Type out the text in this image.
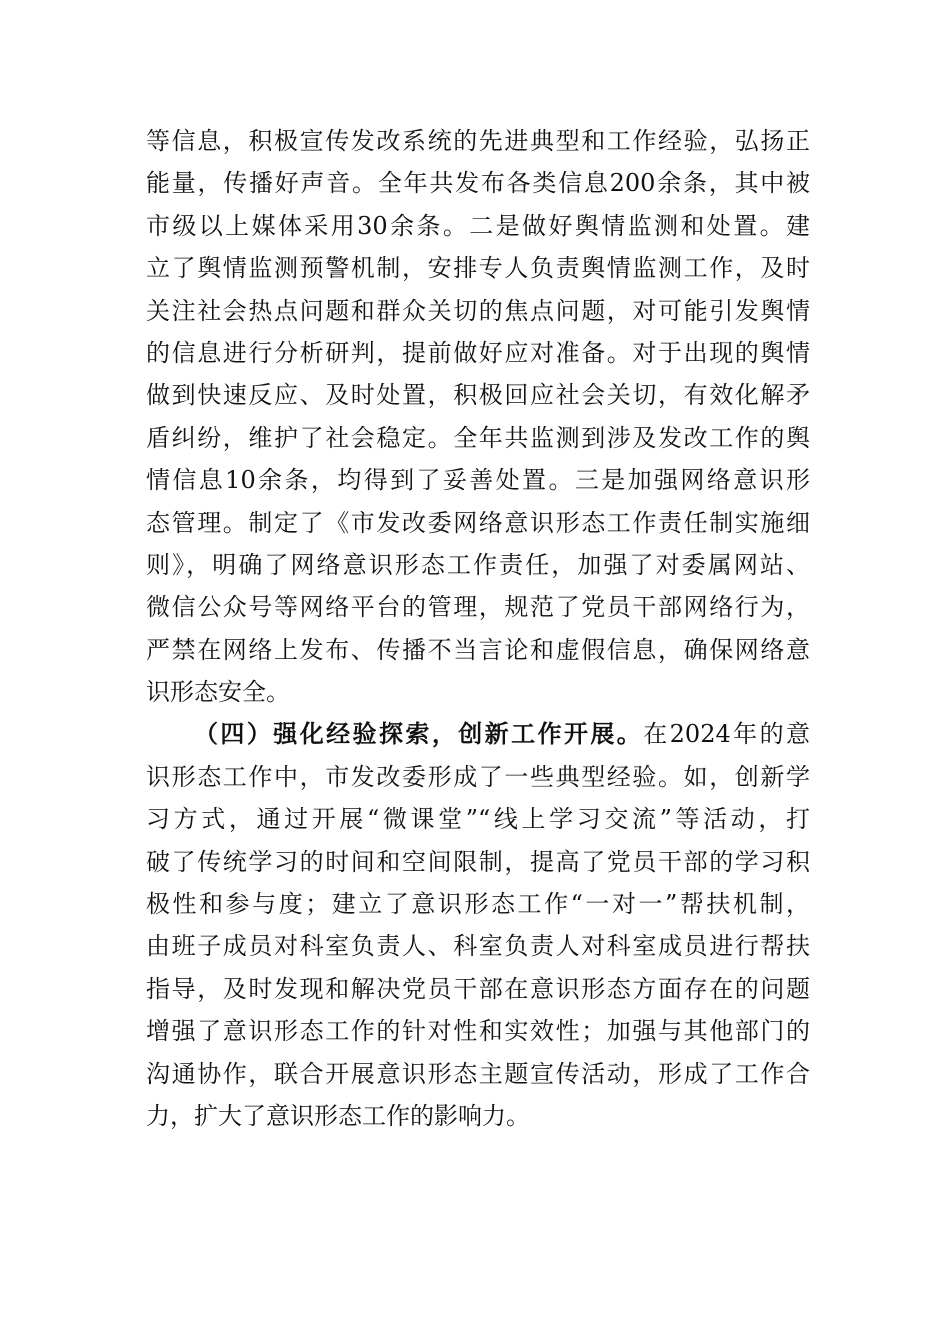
等信息，积极宣传发改系统的先进典型和工作经验，弘扬正
能量，传播好声音。全年共发布各类信息200余条，其中被
市级以上媒体采用30余条。二是做好舆情监测和处置。建
立了舆情监测预警机制，安排专人负责舆情监测工作，及时
关注社会热点问题和群众关切的焦点问题，对可能引发舆情
的信息进行分析研判，提前做好应对准备。对于出现的舆情
做到快速反应、及时处置，积极回应社会关切，有效化解矛
盾纠纷，维护了社会稳定。全年共监测到涉及发改工作的舆
情信息10余条，均得到了妥善处置。三是加强网络意识形
态管理。制定了《市发改委网络意识形态工作责任制实施细
则》，明确了网络意识形态工作责任，加强了对委属网站、
微信公众号等网络平台的管理，规范了党员干部网络行为，
严禁在网络上发布、传播不当言论和虚假信息，确保网络意
识形态安全。
（四）强化经验探索，创新工作开展。在2024年的意
识形态工作中，市发改委形成了一些典型经验。如，创新学
习方式，通过开展“微课堂”“线上学习交流”等活动，打
破了传统学习的时间和空间限制，提高了党员干部的学习积
极性和参与度；建立了意识形态工作“一对一”帮扶机制，
由班子成员对科室负责人、科室负责人对科室成员进行帮扶
指导，及时发现和解决党员干部在意识形态方面存在的问题
增强了意识形态工作的针对性和实效性；加强与其他部门的
沟通协作，联合开展意识形态主题宣传活动，形成了工作合
力，扩大了意识形态工作的影响力。
